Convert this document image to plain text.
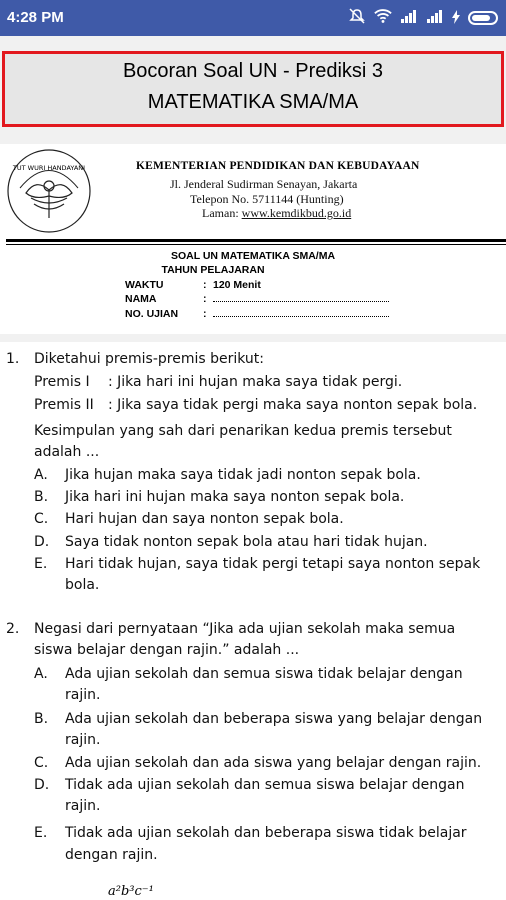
4:28 PM
Bocoran Soal UN - Prediksi 3
MATEMATIKA SMA/MA
TUT WURI HANDAYANI	KEMENTERIAN PENDIDIKAN DAN KEBUDAYAAN
Jl. Jenderal Sudirman Senayan, Jakarta
Telepon No. 5711144 (Hunting)
Laman: www.kemdikbud.go.id
SOAL UN MATEMATIKA SMA/MA
TAHUN PELAJARAN
WAKTU	: 120 Menit
NAMA	:
NO. UJIAN :
1. Diketahui premis-premis berikut:
Premis I : Jika hari ini hujan maka saya tidak pergi.
Premis II : Jika saya tidak pergi maka saya nonton sepak bola.
Kesimpulan yang sah dari penarikan kedua premis tersebut
adalah ...
A. Jika hujan maka saya tidak jadi nonton sepak bola.
B. Jika hari ini hujan maka saya nonton sepak bola.
C. Hari hujan dan saya nonton sepak bola.
D. Saya tidak nonton sepak bola atau hari tidak hujan.
E. Hari tidak hujan, saya tidak pergi tetapi saya nonton sepak
bola.
2. Negasi dari pernyataan “Jika ada ujian sekolah maka semua
siswa belajar dengan rajin.” adalah ...
A. Ada ujian sekolah dan semua siswa tidak belajar dengan
rajin.
B. Ada ujian sekolah dan beberapa siswa yang belajar dengan
rajin.
C. Ada ujian sekolah dan ada siswa yang belajar dengan rajin.
D. Tidak ada ujian sekolah dan semua siswa belajar dengan
rajin.
E. Tidak ada ujian sekolah dan beberapa siswa tidak belajar
dengan rajin.
a²b³c⁻¹
